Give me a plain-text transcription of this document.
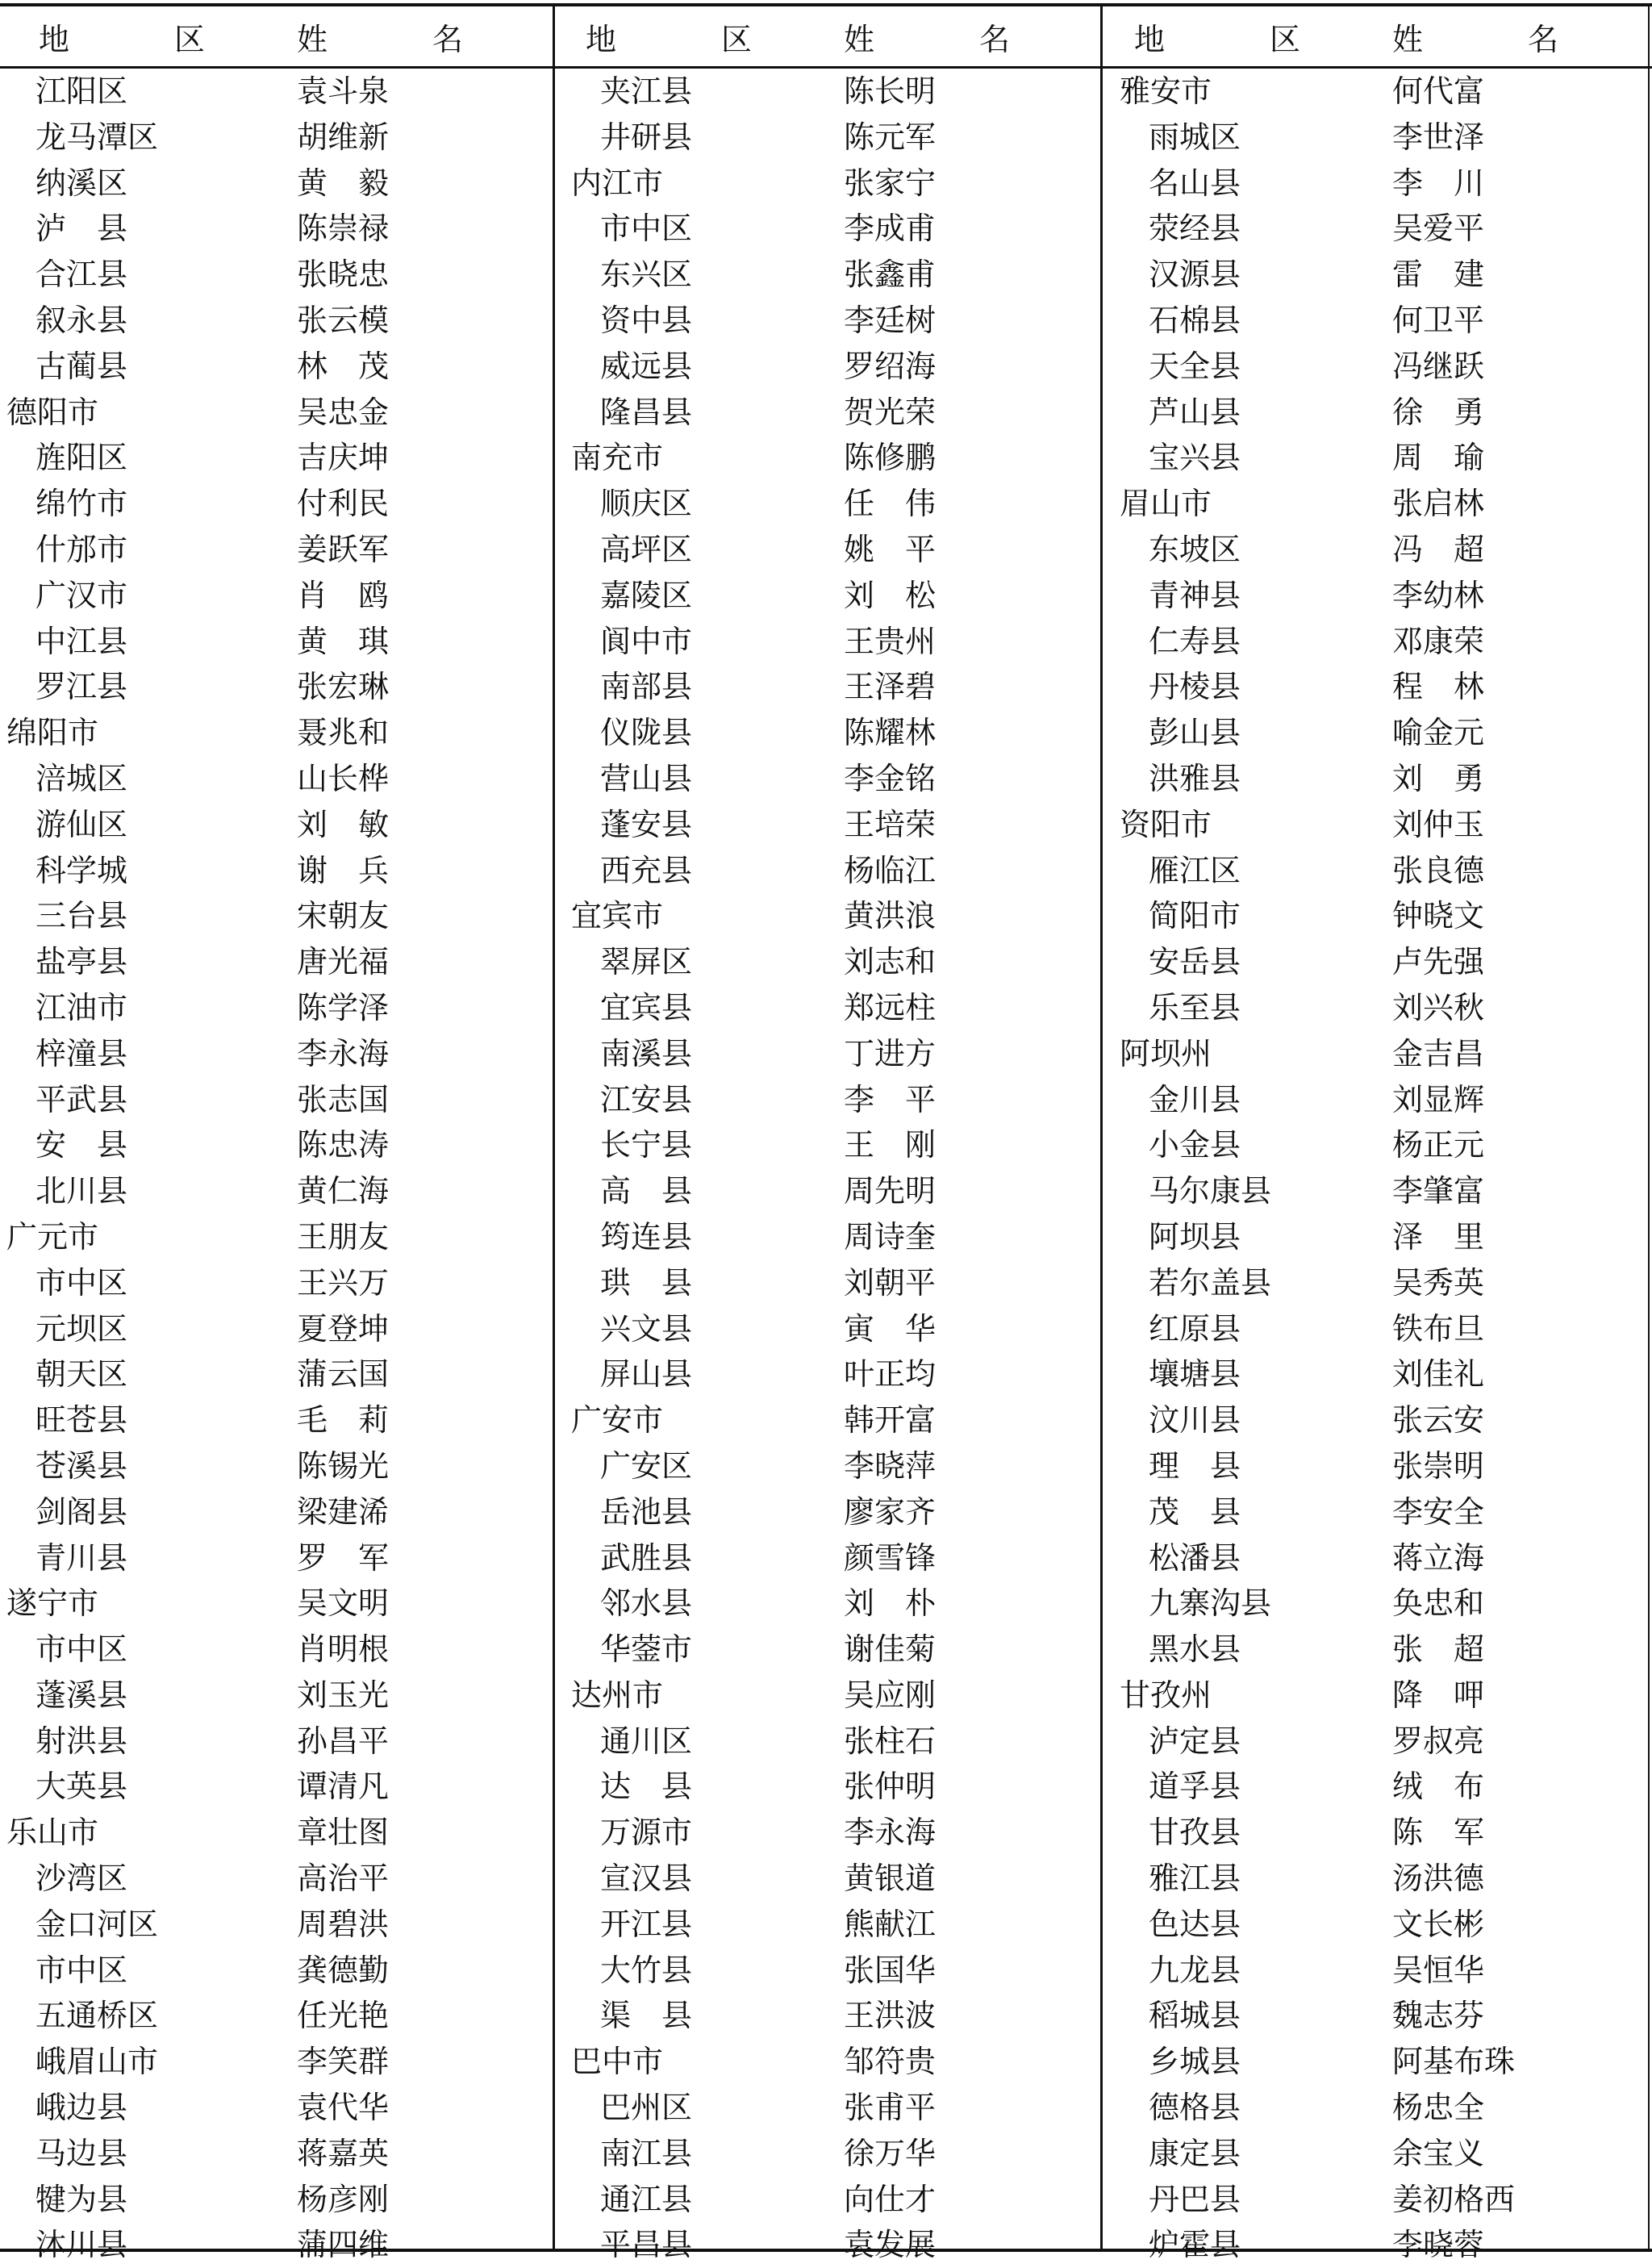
地　区 姓　名	地　区 姓　名	地　区 姓　名
江阳区	袁斗泉
龙马潭区	胡维新
纳溪区	黄　毅
泸　县	陈崇禄
合江县	张晓忠
叙永县	张云模
古蔺县	林　茂
德阳市	吴忠金
旌阳区	吉庆坤
绵竹市	付利民
什邡市	姜跃军
广汉市	肖　鸥
中江县	黄　琪
罗江县	张宏琳
绵阳市	聂兆和
涪城区	山长桦
游仙区	刘　敏
科学城	谢　兵
三台县	宋朝友
盐亭县	唐光福
江油市	陈学泽
梓潼县	李永海
平武县	张志国
安　县	陈忠涛
北川县	黄仁海
广元市	王朋友
市中区	王兴万
元坝区	夏登坤
朝天区	蒲云国
旺苍县	毛　莉
苍溪县	陈锡光
剑阁县	梁建浠
青川县	罗　军
遂宁市	吴文明
市中区	肖明根
蓬溪县	刘玉光
射洪县	孙昌平
大英县	谭清凡
乐山市	章壮图
沙湾区	高治平
金口河区	周碧洪
市中区	龚德勤
五通桥区	任光艳
峨眉山市	李笑群
峨边县	袁代华
马边县	蒋嘉英
犍为县	杨彦刚
沐川县	蒲四维
夹江县	陈长明
井研县	陈元军
内江市	张家宁
市中区	李成甫
东兴区	张鑫甫
资中县	李廷树
威远县	罗绍海
隆昌县	贺光荣
南充市	陈修鹏
顺庆区	任　伟
高坪区	姚　平
嘉陵区	刘　松
阆中市	王贵州
南部县	王泽碧
仪陇县	陈耀林
营山县	李金铭
蓬安县	王培荣
西充县	杨临江
宜宾市	黄洪浪
翠屏区	刘志和
宜宾县	郑远柱
南溪县	丁进方
江安县	李　平
长宁县	王　刚
高　县	周先明
筠连县	周诗奎
珙　县	刘朝平
兴文县	寅　华
屏山县	叶正均
广安市	韩开富
广安区	李晓萍
岳池县	廖家齐
武胜县	颜雪锋
邻水县	刘　朴
华蓥市	谢佳菊
达州市	吴应刚
通川区	张柱石
达　县	张仲明
万源市	李永海
宣汉县	黄银道
开江县	熊献江
大竹县	张国华
渠　县	王洪波
巴中市	邹符贵
巴州区	张甫平
南江县	徐万华
通江县	向仕才
平昌县	袁发展
雅安市	何代富
雨城区	李世泽
名山县	李　川
荥经县	吴爱平
汉源县	雷　建
石棉县	何卫平
天全县	冯继跃
芦山县	徐　勇
宝兴县	周　瑜
眉山市	张启林
东坡区	冯　超
青神县	李幼林
仁寿县	邓康荣
丹棱县	程　林
彭山县	喻金元
洪雅县	刘　勇
资阳市	刘仲玉
雁江区	张良德
简阳市	钟晓文
安岳县	卢先强
乐至县	刘兴秋
阿坝州	金吉昌
金川县	刘显辉
小金县	杨正元
马尔康县	李肇富
阿坝县	泽　里
若尔盖县	吴秀英
红原县	铁布旦
壤塘县	刘佳礼
汶川县	张云安
理　县	张崇明
茂　县	李安全
松潘县	蒋立海
九寨沟县	奂忠和
黑水县	张　超
甘孜州	降　呷
泸定县	罗叔亮
道孚县	绒　布
甘孜县	陈　军
雅江县	汤洪德
色达县	文长彬
九龙县	吴恒华
稻城县	魏志芬
乡城县	阿基布珠
德格县	杨忠全
康定县	余宝义
丹巴县	姜初格西
炉霍县	李晓蓉
